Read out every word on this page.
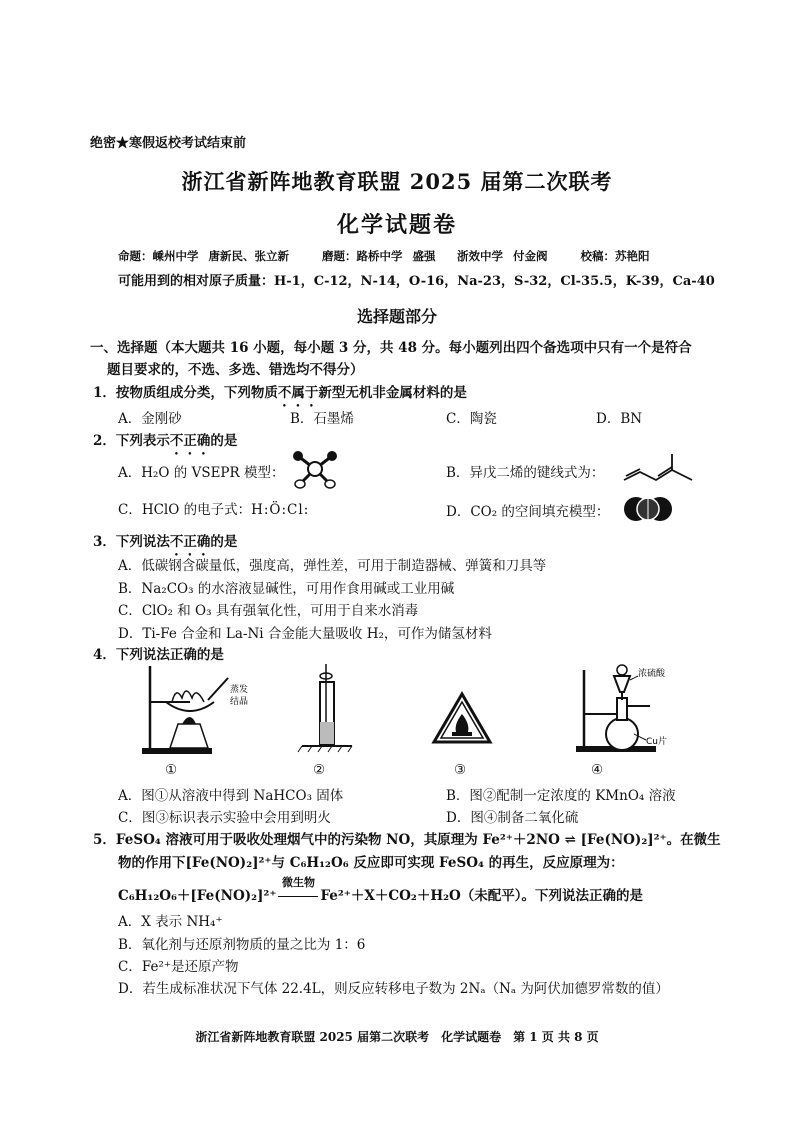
绝密★寒假返校考试结束前
浙江省新阵地教育联盟 2025 届第二次联考
化学试题卷
命题：嵊州中学 唐新民、张立新　　 磨题：路桥中学 盛强　 浙效中学 付金阀　　 校稿：苏艳阳
可能用到的相对原子质量：H-1，C-12，N-14，O-16，Na-23，S-32，Cl-35.5，K-39，Ca-40
选择题部分
一、选择题（本大题共 16 小题，每小题 3 分，共 48 分。每小题列出四个备选项中只有一个是符合
题目要求的，不选、多选、错选均不得分）
1．按物质组成分类，下列物质不属于新型无机非金属材料的是
A．金刚砂	B．石墨烯	C．陶瓷	D．BN
2．下列表示不正确的是
A．H₂O 的 VSEPR 模型：	B．异戊二烯的键线式为：
C．HClO 的电子式：H:Ö:Cl:	D．CO₂ 的空间填充模型：
3．下列说法不正确的是
A．低碳钢含碳量低，强度高，弹性差，可用于制造器械、弹簧和刀具等
B．Na₂CO₃ 的水溶液显碱性，可用作食用碱或工业用碱
C．ClO₂ 和 O₃ 具有强氧化性，可用于自来水消毒
D．Ti-Fe 合金和 La-Ni 合金能大量吸收 H₂，可作为储氢材料
4．下列说法正确的是
蒸发
结晶
浓硫酸
Cu片
①	②	③	④
A．图①从溶液中得到 NaHCO₃ 固体	B．图②配制一定浓度的 KMnO₄ 溶液
C．图③标识表示实验中会用到明火	D．图④制备二氧化硫
5．FeSO₄ 溶液可用于吸收处理烟气中的污染物 NO，其原理为 Fe²⁺＋2NO ⇌ [Fe(NO)₂]²⁺。在微生
物的作用下[Fe(NO)₂]²⁺与 C₆H₁₂O₆ 反应即可实现 FeSO₄ 的再生，反应原理为：
C₆H₁₂O₆＋[Fe(NO)₂]²⁺
微生物
Fe²⁺＋X＋CO₂＋H₂O（未配平）。下列说法正确的是
A．X 表示 NH₄⁺
B．氧化剂与还原剂物质的量之比为 1：6
C．Fe²⁺是还原产物
D．若生成标准状况下气体 22.4L，则反应转移电子数为 2Nₐ（Nₐ 为阿伏加德罗常数的值）
浙江省新阵地教育联盟 2025 届第二次联考　化学试题卷　第 1 页 共 8 页
